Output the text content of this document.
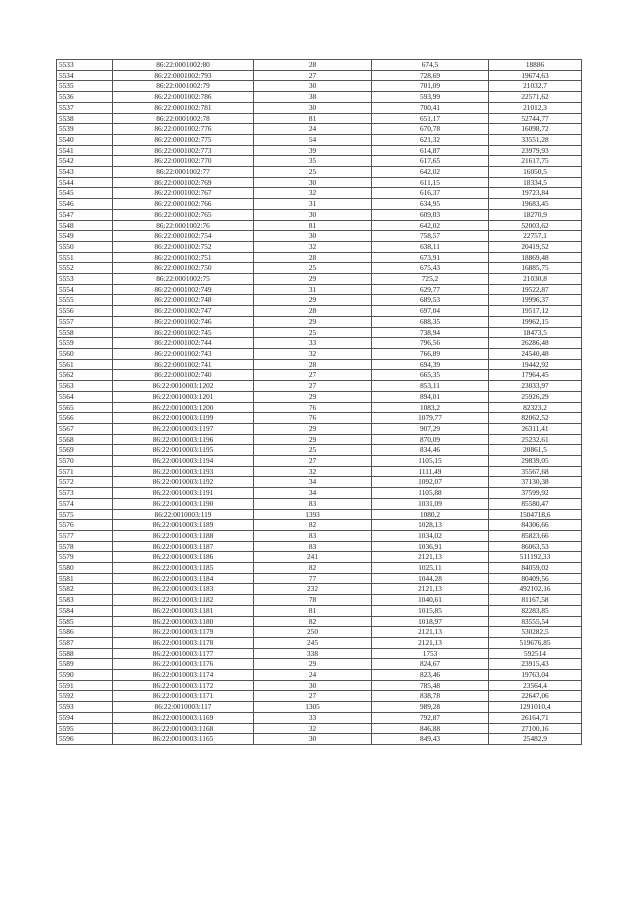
5533	86:22:0001002:80	28	674,5	18886
5534	86:22:0001002:793	27	728,69	19674,63
5535	86:22:0001002:79	30	701,09	21032,7
5536	86:22:0001002:786	38	593,99	22571,62
5537	86:22:0001002:781	30	700,41	21012,3
5538	86:22:0001002:78	81	651,17	52744,77
5539	86:22:0001002:776	24	670,78	16098,72
5540	86:22:0001002:775	54	621,32	33551,28
5541	86:22:0001002:773	39	614,87	23979,93
5542	86:22:0001002:770	35	617,65	21617,75
5543	86:22:0001002:77	25	642,02	16050,5
5544	86:22:0001002:769	30	611,15	18334,5
5545	86:22:0001002:767	32	616,37	19723,84
5546	86:22:0001002:766	31	634,95	19683,45
5547	86:22:0001002:765	30	609,03	18270,9
5548	86:22:0001002:76	81	642,02	52003,62
5549	86:22:0001002:754	30	758,57	22757,1
5550	86:22:0001002:752	32	638,11	20419,52
5551	86:22:0001002:751	28	673,91	18869,48
5552	86:22:0001002:750	25	675,43	16885,75
5553	86:22:0001002:75	29	725,2	21030,8
5554	86:22:0001002:749	31	629,77	19522,87
5555	86:22:0001002:748	29	689,53	19996,37
5556	86:22:0001002:747	28	697,04	19517,12
5557	86:22:0001002:746	29	688,35	19962,15
5558	86:22:0001002:745	25	738,94	18473,5
5559	86:22:0001002:744	33	796,56	26286,48
5560	86:22:0001002:743	32	766,89	24540,48
5561	86:22:0001002:741	28	694,39	19442,92
5562	86:22:0001002:740	27	665,35	17964,45
5563	86:22:0010003:1202	27	853,11	23033,97
5564	86:22:0010003:1201	29	894,01	25926,29
5565	86:22:0010003:1200	76	1083,2	82323,2
5566	86:22:0010003:1199	76	1079,77	82062,52
5567	86:22:0010003:1197	29	907,29	26311,41
5568	86:22:0010003:1196	29	870,09	25232,61
5569	86:22:0010003:1195	25	834,46	20861,5
5570	86:22:0010003:1194	27	1105,15	29839,05
5571	86:22:0010003:1193	32	1111,49	35567,68
5572	86:22:0010003:1192	34	1092,07	37130,38
5573	86:22:0010003:1191	34	1105,88	37599,92
5574	86:22:0010003:1190	83	1031,09	85580,47
5575	86:22:0010003:119	1393	1080,2	1504718,6
5576	86:22:0010003:1189	82	1028,13	84306,66
5577	86:22:0010003:1188	83	1034,02	85823,66
5578	86:22:0010003:1187	83	1036,91	86063,53
5579	86:22:0010003:1186	241	2121,13	511192,33
5580	86:22:0010003:1185	82	1025,11	84059,02
5581	86:22:0010003:1184	77	1044,28	80409,56
5582	86:22:0010003:1183	232	2121,13	492102,16
5583	86:22:0010003:1182	78	1040,61	81167,58
5584	86:22:0010003:1181	81	1015,85	82283,85
5585	86:22:0010003:1180	82	1018,97	83555,54
5586	86:22:0010003:1179	250	2121,13	530282,5
5587	86:22:0010003:1178	245	2121,13	519676,85
5588	86:22:0010003:1177	338	1753	592514
5589	86:22:0010003:1176	29	824,67	23915,43
5590	86:22:0010003:1174	24	823,46	19763,04
5591	86:22:0010003:1172	30	785,48	23564,4
5592	86:22:0010003:1171	27	838,78	22647,06
5593	86:22:0010003:117	1305	989,28	1291010,4
5594	86:22:0010003:1169	33	792,87	26164,71
5595	86:22:0010003:1168	32	846,88	27100,16
5596	86:22:0010003:1165	30	849,43	25482,9
